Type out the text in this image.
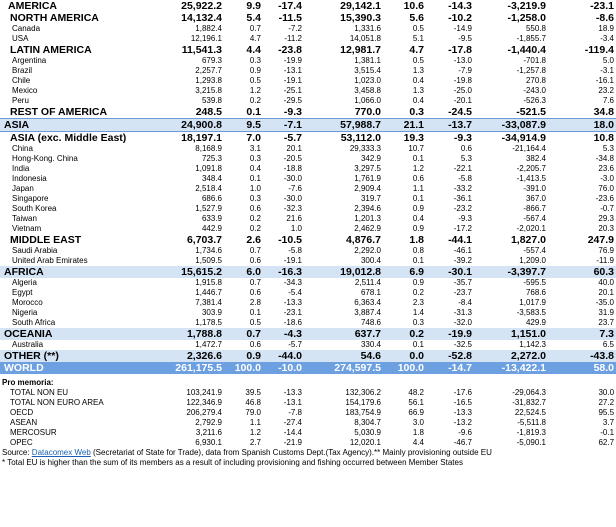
AMERICA	25,922.2	9.9	-17.4	29,142.1	10.6	-14.3	-3,219.9	-23.1
NORTH AMERICA	14,132.4	5.4	-11.5	15,390.3	5.6	-10.2	-1,258.0	-8.6
Canada	1,882.4	0.7	-7.2	1,331.6	0.5	-14.9	550.8	18.9
USA	12,196.1	4.7	-11.2	14,051.8	5.1	-9.5	-1,855.7	-3.4
LATIN AMERICA	11,541.3	4.4	-23.8	12,981.7	4.7	-17.8	-1,440.4	-119.4
Argentina	679.3	0.3	-19.9	1,381.1	0.5	-13.0	-701.8	5.0
Brazil	2,257.7	0.9	-13.1	3,515.4	1.3	-7.9	-1,257.8	-3.1
Chile	1,293.8	0.5	-19.1	1,023.0	0.4	-19.8	270.8	-16.1
Mexico	3,215.8	1.2	-25.1	3,458.8	1.3	-25.0	-243.0	23.2
Peru	539.8	0.2	-29.5	1,066.0	0.4	-20.1	-526.3	7.6
REST OF AMERICA	248.5	0.1	-9.3	770.0	0.3	-24.5	-521.5	34.8
ASIA	24,900.8	9.5	-7.1	57,988.7	21.1	-13.7	-33,087.9	18.0
ASIA (exc. Middle East)	18,197.1	7.0	-5.7	53,112.0	19.3	-9.3	-34,914.9	10.8
China	8,168.9	3.1	20.1	29,333.3	10.7	0.6	-21,164.4	5.3
Hong-Kong. China	725.3	0.3	-20.5	342.9	0.1	5.3	382.4	-34.8
India	1,091.8	0.4	-18.8	3,297.5	1.2	-22.1	-2,205.7	23.6
Indonesia	348.4	0.1	-30.0	1,761.9	0.6	-5.8	-1,413.5	-3.0
Japan	2,518.4	1.0	-7.6	2,909.4	1.1	-33.2	-391.0	76.0
Singapore	686.6	0.3	-30.0	319.7	0.1	-36.1	367.0	-23.6
South Korea	1,527.9	0.6	-32.3	2,394.6	0.9	-23.2	-866.7	-0.7
Taiwan	633.9	0.2	21.6	1,201.3	0.4	-9.3	-567.4	29.3
Vietnam	442.9	0.2	1.0	2,462.9	0.9	-17.2	-2,020.1	20.3
MIDDLE EAST	6,703.7	2.6	-10.5	4,876.7	1.8	-44.1	1,827.0	247.9
Saudi Arabia	1,734.6	0.7	-5.8	2,292.0	0.8	-46.1	-557.4	76.9
United Arab Emirates	1,509.5	0.6	-19.1	300.4	0.1	-39.2	1,209.0	-11.9
AFRICA	15,615.2	6.0	-16.3	19,012.8	6.9	-30.1	-3,397.7	60.3
Algeria	1,915.8	0.7	-34.3	2,511.4	0.9	-35.7	-595.5	40.0
Egypt	1,446.7	0.6	-5.4	678.1	0.2	-23.7	768.6	20.1
Morocco	7,381.4	2.8	-13.3	6,363.4	2.3	-8.4	1,017.9	-35.0
Nigeria	303.9	0.1	-23.1	3,887.4	1.4	-31.3	-3,583.5	31.9
South Africa	1,178.5	0.5	-18.6	748.6	0.3	-32.0	429.9	23.7
OCEANIA	1,788.8	0.7	-4.3	637.7	0.2	-19.9	1,151.0	7.3
Australia	1,472.7	0.6	-5.7	330.4	0.1	-32.5	1,142.3	6.5
OTHER (**)	2,326.6	0.9	-44.0	54.6	0.0	-52.8	2,272.0	-43.8
WORLD	261,175.5	100.0	-10.0	274,597.5	100.0	-14.7	-13,422.1	58.0
Pro memoria:								
TOTAL NON EU	103,241.9	39.5	-13.3	132,306.2	48.2	-17.6	-29,064.3	30.0
TOTAL NON EURO AREA	122,346.9	46.8	-13.1	154,179.6	56.1	-16.5	-31,832.7	27.2
OECD	206,279.4	79.0	-7.8	183,754.9	66.9	-13.3	22,524.5	95.5
ASEAN	2,792.9	1.1	-27.4	8,304.7	3.0	-13.2	-5,511.8	3.7
MERCOSUR	3,211.6	1.2	-14.4	5,030.9	1.8	-9.6	-1,819.3	-0.1
OPEC	6,930.1	2.7	-21.9	12,020.1	4.4	-46.7	-5,090.1	62.7
Source: Datacomex Web (Secretariat of State for Trade), data from Spanish Customs Dept.(Tax Agency).** Mainly provisioning outside EU
* Total EU is higher than the sum of its members as a result of including provisioning and fishing occurred between Member States
